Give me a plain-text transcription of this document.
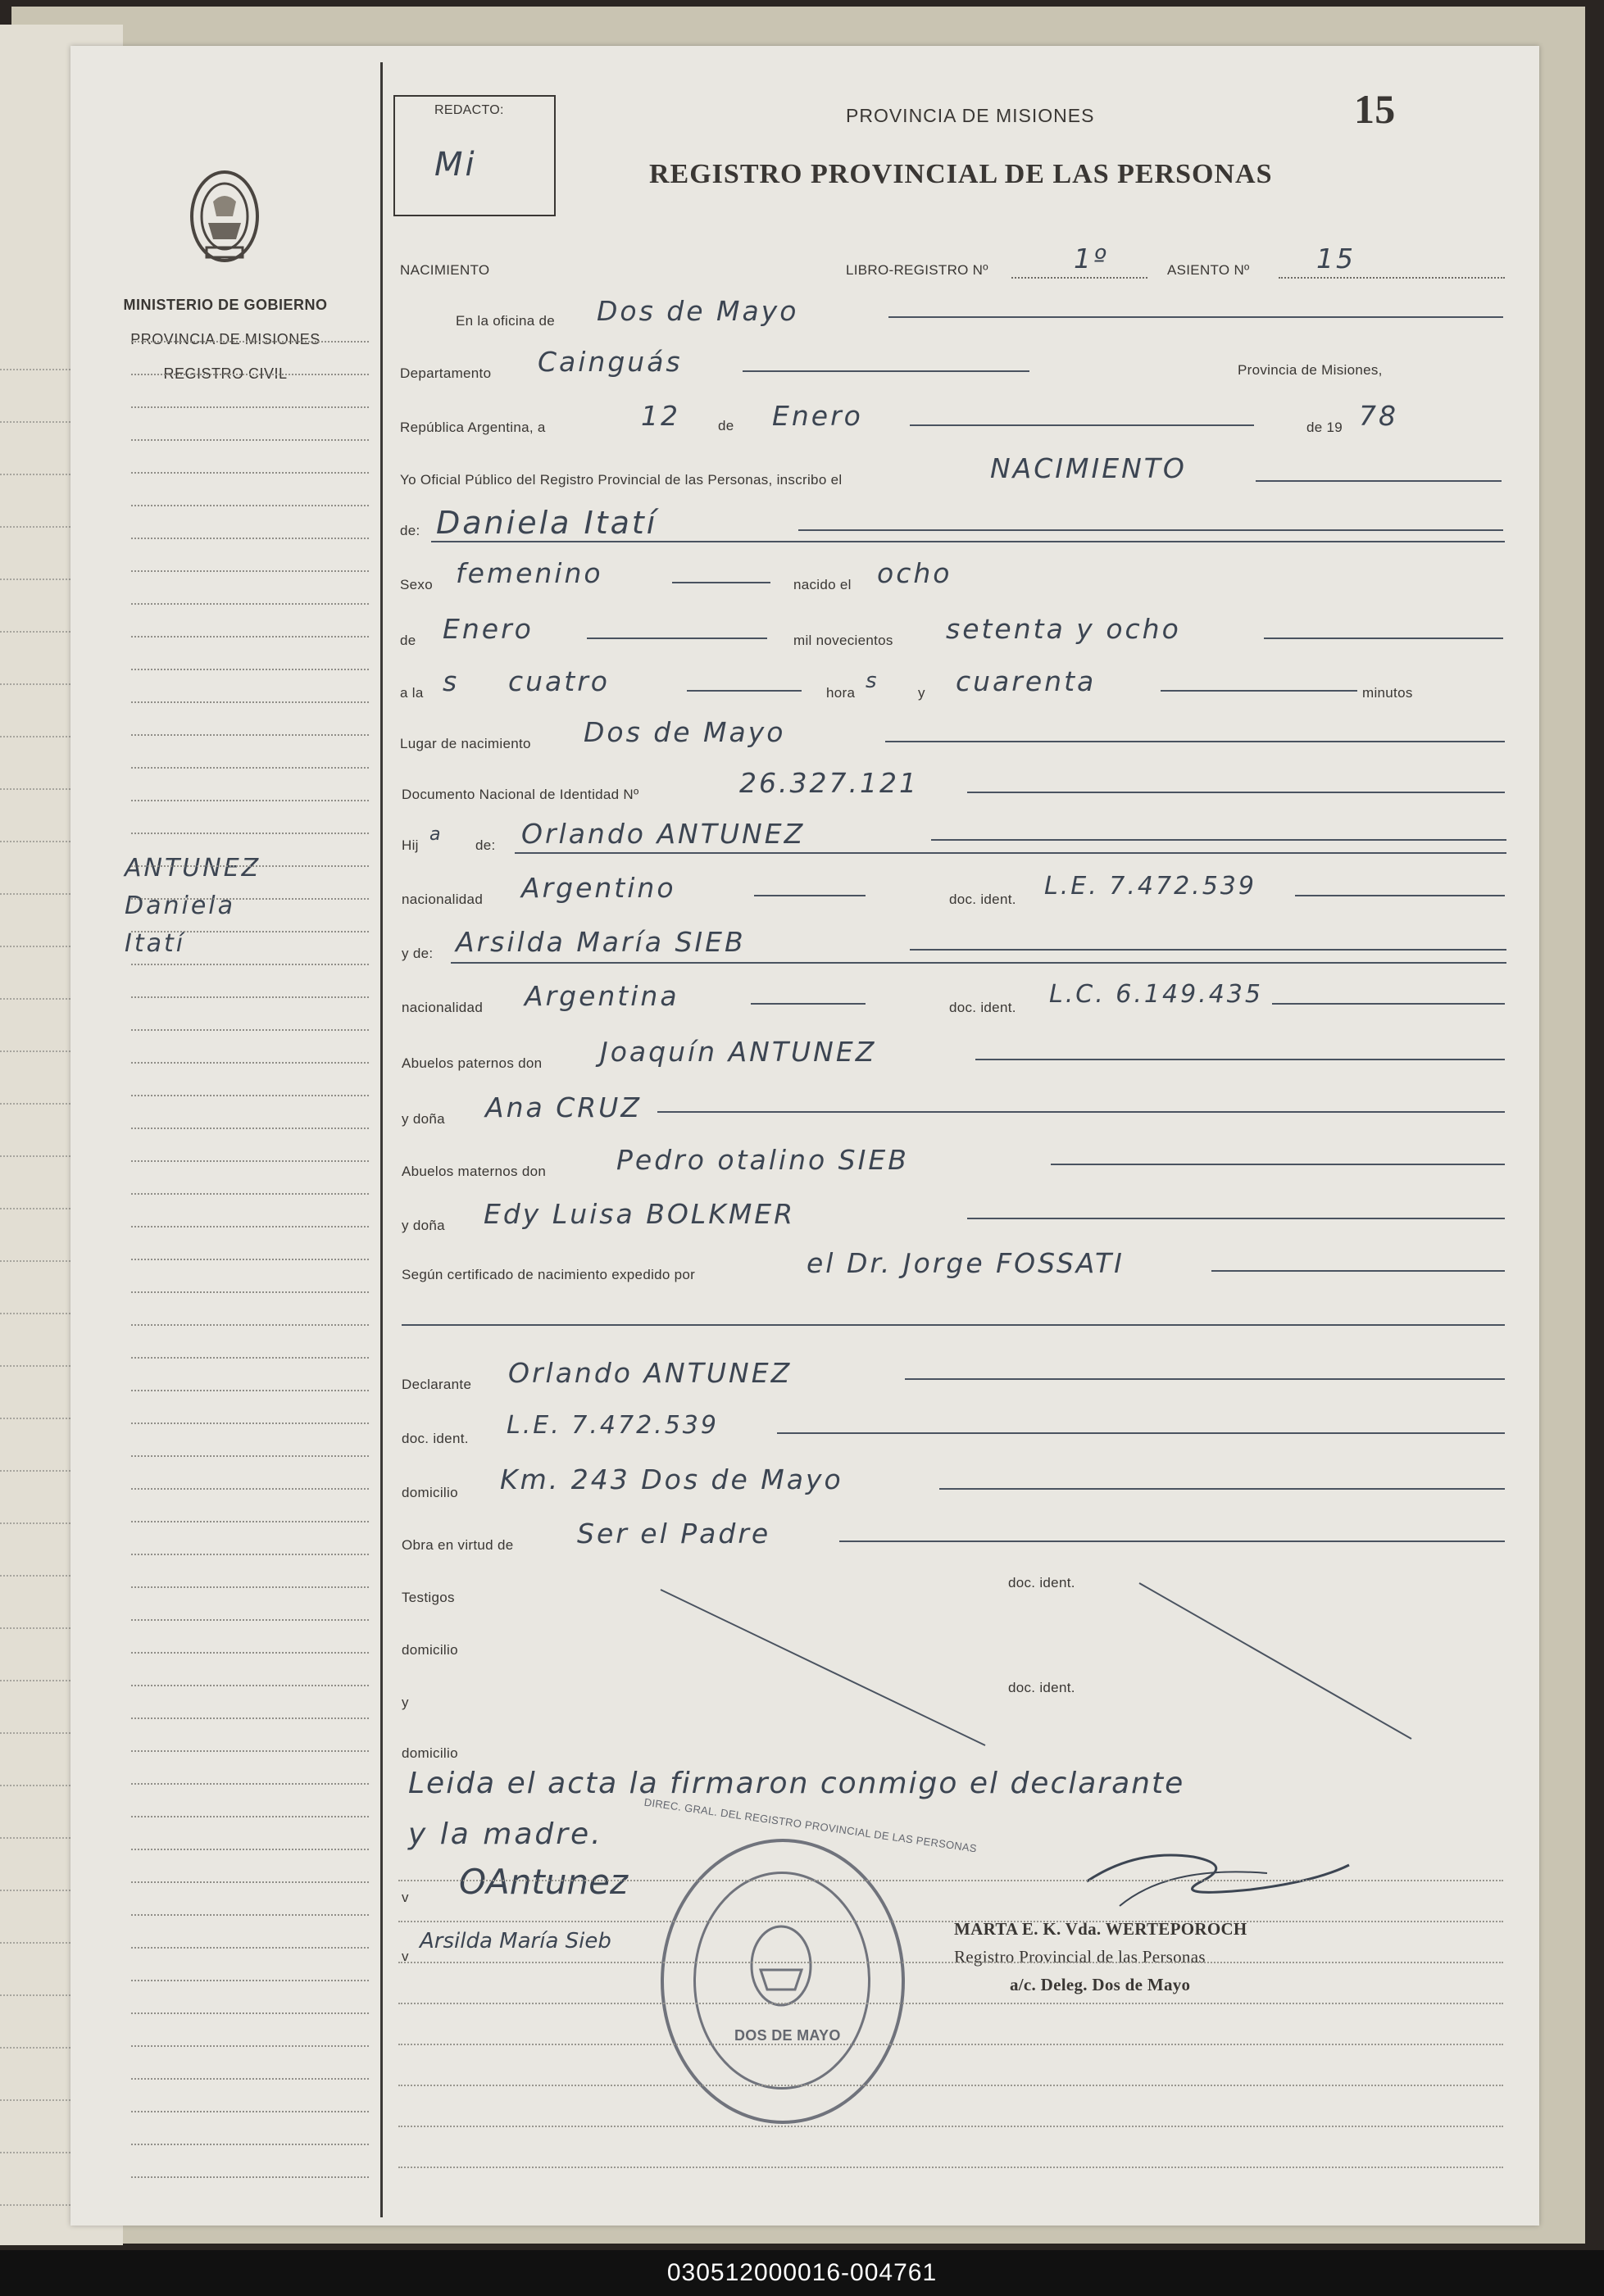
MINISTERIO DE GOBIERNO
PROVINCIA DE MISIONES
REGISTRO CIVIL
ANTUNEZ
Daniela
Itatí
REDACTO:
Mi
PROVINCIA DE MISIONES	15
REGISTRO PROVINCIAL DE LAS PERSONAS
NACIMIENTO	LIBRO-REGISTRO Nº	1º	ASIENTO Nº 15
En la oficina de Dos de Mayo
Departamento Cainguás	Provincia de Misiones,
República Argentina, a	12	de Enero	de 19 78
Yo Oficial Público del Registro Provincial de las Personas, inscribo el	NACIMIENTO
de: Daniela Itatí
Sexo femenino	nacido el ocho
de Enero	mil novecientos setenta y ocho
a la s cuatro	hora s	y cuarenta	minutos
Lugar de nacimiento Dos de Mayo
Documento Nacional de Identidad Nº	26.327.121
Hij
a
de: Orlando ANTUNEZ
nacionalidad Argentino	doc. ident. L.E. 7.472.539
y de: Arsilda María SIEB
nacionalidad Argentina	doc. ident. L.C. 6.149.435
Abuelos paternos don Joaquín ANTUNEZ
y doña Ana CRUZ
Abuelos maternos don	Pedro otalino SIEB
y doña Edy Luisa BOLKMER
Según certificado de nacimiento expedido por	el Dr. Jorge FOSSATI
Declarante Orlando ANTUNEZ
doc. ident. L.E. 7.472.539
domicilio Km. 243 Dos de Mayo
Obra en virtud de Ser el Padre
Testigos
doc. ident.
domicilio
y
doc. ident.
domicilio
Leida el acta la firmaron conmigo el declarante
y la madre.
v OAntunez
v
Arsilda María Sieb
DIREC. GRAL. DEL REGISTRO PROVINCIAL DE LAS PERSONAS
DOS DE MAYO
MARTA E. K. Vda. WERTEPOROCH
Registro Provincial de las Personas
a/c. Deleg. Dos de Mayo
030512000016-004761
